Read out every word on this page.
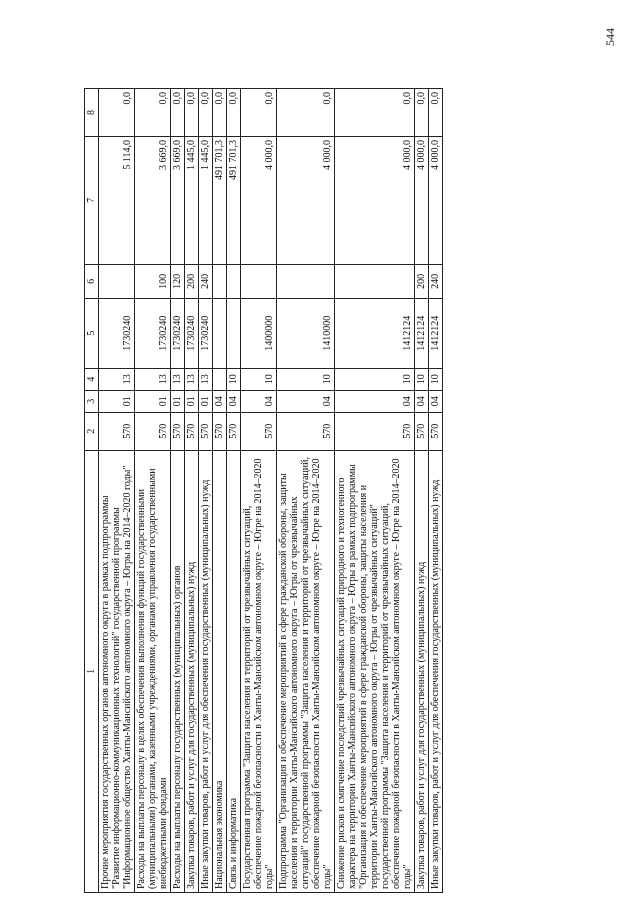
544
1	2	3	4	5	6	7	8
Прочие мероприятия государственных органов автономного округа в рамках подпрограммы "Развитие информационно-коммуникационных технологий" государственной программы "Информационное общество Ханты-Мансийского автономного округа – Югры на 2014–2020 годы"	570	01	13	1730240		5 114,0	0,0
Расходы на выплаты персоналу в целях обеспечения выполнения функций государственными (муниципальными) органами, казенными учреждениями, органами управления государственными внебюджетными фондами	570	01	13	1730240	100	3 669,0	0,0
Расходы на выплаты персоналу государственных (муниципальных) органов	570	01	13	1730240	120	3 669,0	0,0
Закупка товаров, работ и услуг для государственных (муниципальных) нужд	570	01	13	1730240	200	1 445,0	0,0
Иные закупки товаров, работ и услуг для обеспечения государственных (муниципальных) нужд	570	01	13	1730240	240	1 445,0	0,0
Национальная экономика	570	04				491 701,3	0,0
Связь и информатика	570	04	10			491 701,3	0,0
Государственная программа "Защита населения и территорий от чрезвычайных ситуаций, обеспечение пожарной безопасности в Ханты-Мансийском автономном округе – Югре на 2014–2020 годы"	570	04	10	1400000		4 000,0	0,0
Подпрограмма "Организация и обеспечение мероприятий в сфере гражданской обороны, защиты населения и территории Ханты-Мансийского автономного округа – Югры от чрезвычайных ситуаций" государственной программы "Защита населения и территорий от чрезвычайных ситуаций, обеспечение пожарной безопасности в Ханты-Мансийском автономном округе – Югре на 2014–2020 годы"	570	04	10	1410000		4 000,0	0,0
Снижение рисков и смягчение последствий чрезвычайных ситуаций природного и техногенного характера на территории Ханты-Мансийского автономного округа – Югры в рамках подпрограммы "Организация и обеспечение мероприятий в сфере гражданской обороны, защиты населения и территории Ханты-Мансийского автономного округа – Югры от чрезвычайных ситуаций" государственной программы "Защита населения и территорий от чрезвычайных ситуаций, обеспечение пожарной безопасности в Ханты-Мансийском автономном округе – Югре на 2014–2020 годы"	570	04	10	1412124		4 000,0	0,0
Закупка товаров, работ и услуг для государственных (муниципальных) нужд	570	04	10	1412124	200	4 000,0	0,0
Иные закупки товаров, работ и услуг для обеспечения государственных (муниципальных) нужд	570	04	10	1412124	240	4 000,0	0,0
